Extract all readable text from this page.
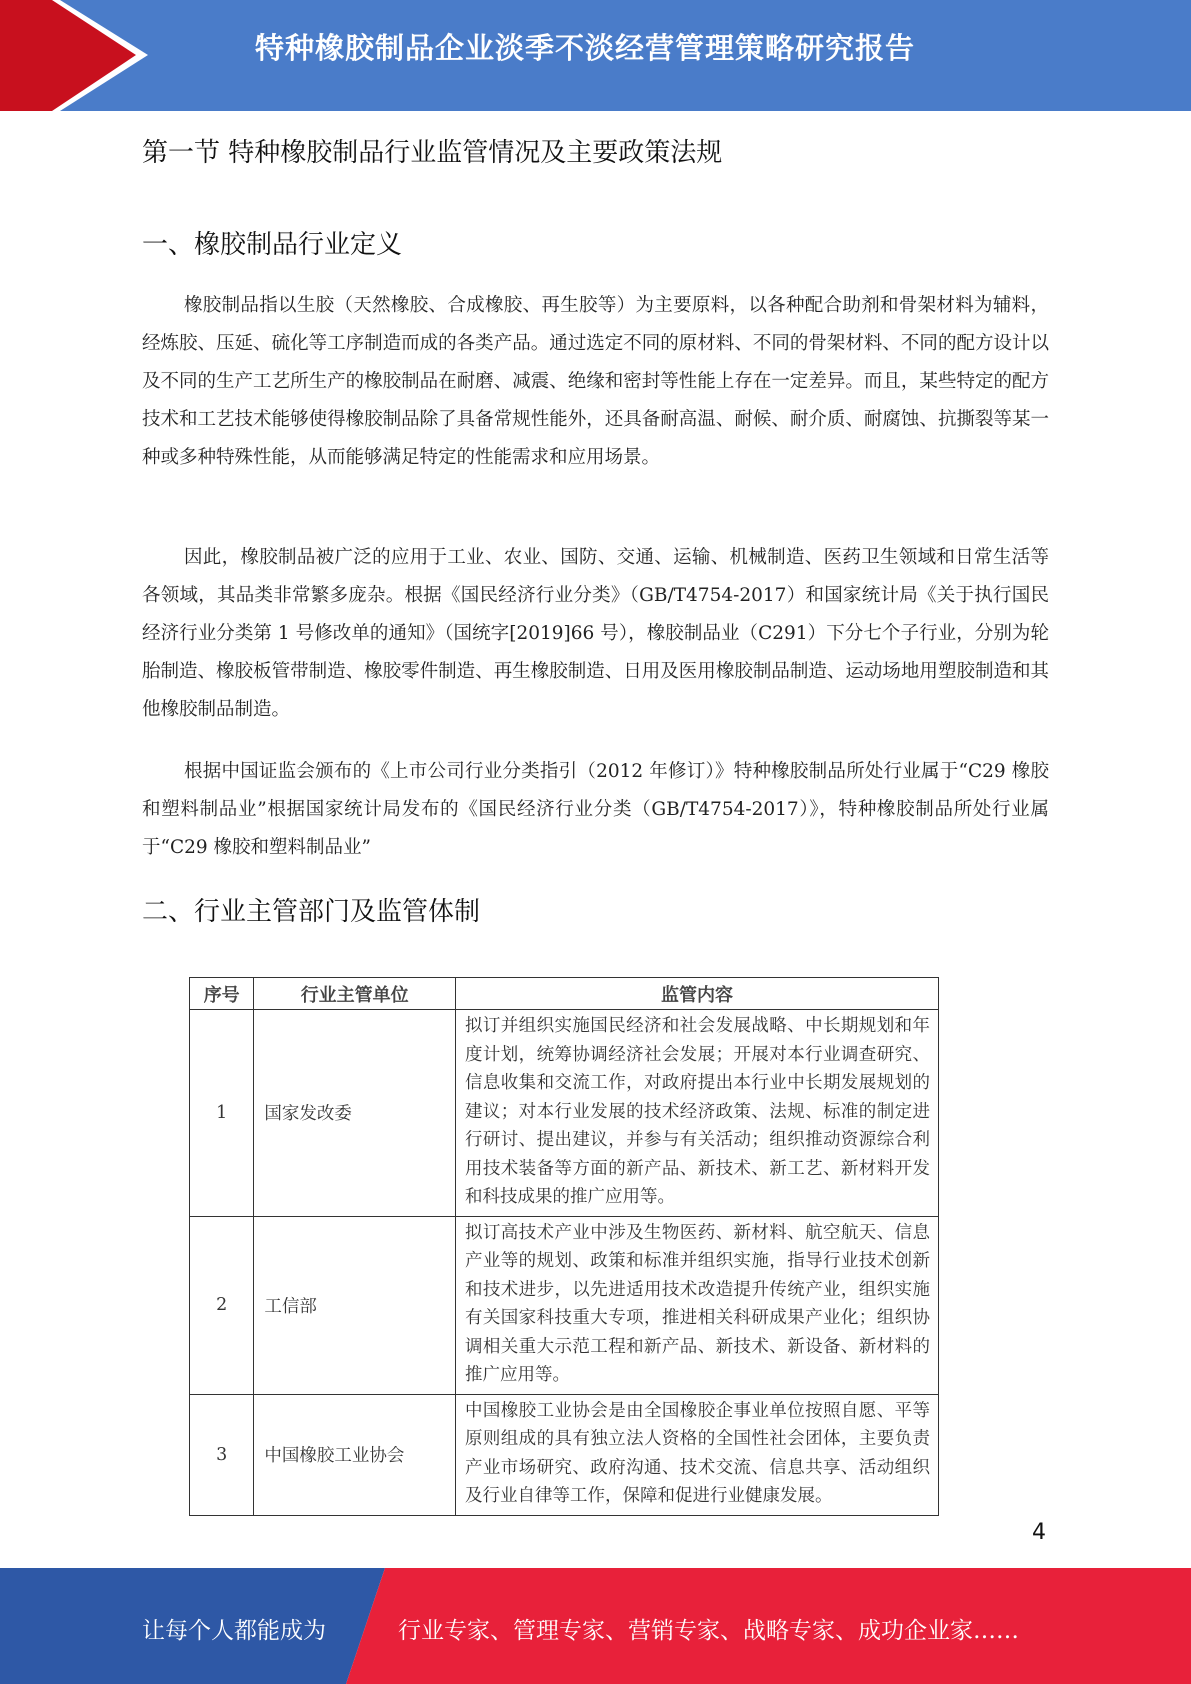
特种橡胶制品企业淡季不淡经营管理策略研究报告
第一节 特种橡胶制品行业监管情况及主要政策法规
一、橡胶制品行业定义

橡胶制品指以生胶（天然橡胶、合成橡胶、再生胶等）为主要原料，以各种配合助剂和骨架材料为辅料，经炼胶、压延、硫化等工序制造而成的各类产品。通过选定不同的原材料、不同的骨架材料、不同的配方设计以及不同的生产工艺所生产的橡胶制品在耐磨、减震、绝缘和密封等性能上存在一定差异。而且，某些特定的配方技术和工艺技术能够使得橡胶制品除了具备常规性能外，还具备耐高温、耐候、耐介质、耐腐蚀、抗撕裂等某一种或多种特殊性能，从而能够满足特定的性能需求和应用场景。

因此，橡胶制品被广泛的应用于工业、农业、国防、交通、运输、机械制造、医药卫生领域和日常生活等各领域，其品类非常繁多庞杂。根据《国民经济行业分类》（GB/T4754-2017）和国家统计局《关于执行国民经济行业分类第 1 号修改单的通知》（国统字[2019]66 号），橡胶制品业（C291）下分七个子行业，分别为轮胎制造、橡胶板管带制造、橡胶零件制造、再生橡胶制造、日用及医用橡胶制品制造、运动场地用塑胶制造和其他橡胶制品制造。

根据中国证监会颁布的《上市公司行业分类指引（2012 年修订）》特种橡胶制品所处行业属于“C29 橡胶和塑料制品业”根据国家统计局发布的《国民经济行业分类（GB/T4754-2017）》，特种橡胶制品所处行业属于“C29 橡胶和塑料制品业”

二、行业主管部门及监管体制
序号	行业主管单位	监管内容
1	国家发改委	拟订并组织实施国民经济和社会发展战略、中长期规划和年度计划，统筹协调经济社会发展；开展对本行业调查研究、信息收集和交流工作，对政府提出本行业中长期发展规划的建议；对本行业发展的技术经济政策、法规、标准的制定进行研讨、提出建议，并参与有关活动；组织推动资源综合利用技术装备等方面的新产品、新技术、新工艺、新材料开发和科技成果的推广应用等。
2	工信部	拟订高技术产业中涉及生物医药、新材料、航空航天、信息产业等的规划、政策和标准并组织实施，指导行业技术创新和技术进步，以先进适用技术改造提升传统产业，组织实施有关国家科技重大专项，推进相关科研成果产业化；组织协调相关重大示范工程和新产品、新技术、新设备、新材料的推广应用等。
3	中国橡胶工业协会	中国橡胶工业协会是由全国橡胶企事业单位按照自愿、平等原则组成的具有独立法人资格的全国性社会团体，主要负责产业市场研究、政府沟通、技术交流、信息共享、活动组织及行业自律等工作，保障和促进行业健康发展。
4
让每个人都能成为	行业专家、管理专家、营销专家、战略专家、成功企业家……
